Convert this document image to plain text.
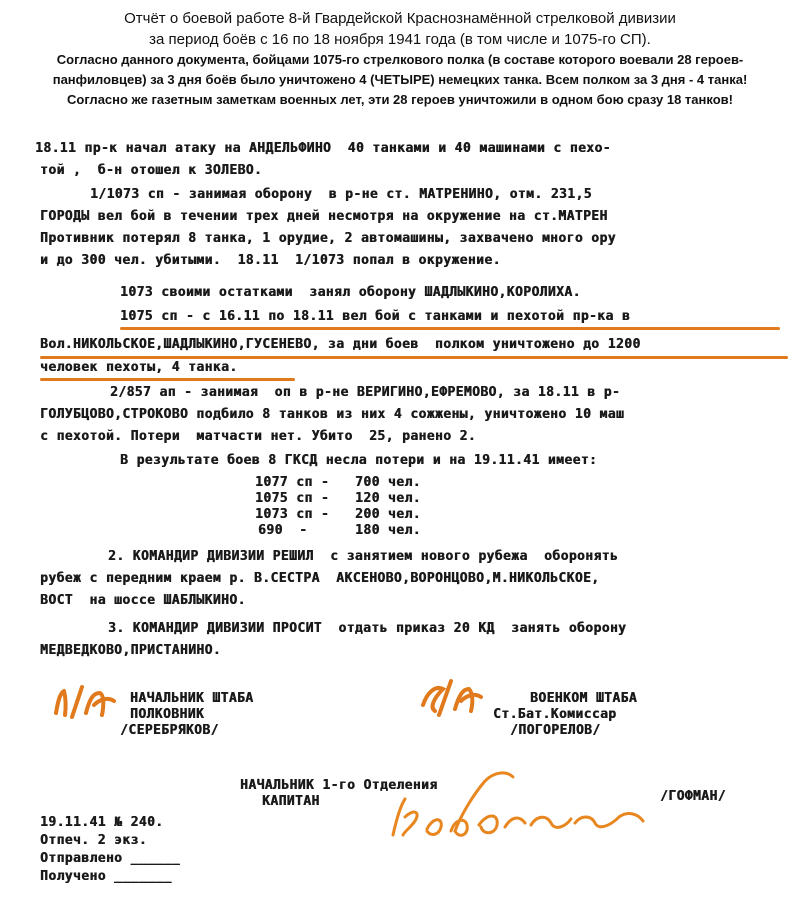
Отчёт о боевой работе 8-й Гвардейской Краснознамённой стрелковой дивизии
за период боёв с 16 по 18 ноября 1941 года (в том числе и 1075-го СП).
Согласно данного документа, бойцами 1075-го стрелкового полка (в составе которого воевали 28 героев-
панфиловцев) за 3 дня боёв было уничтожено 4 (ЧЕТЫРЕ) немецких танка. Всем полком за 3 дня - 4 танка!
Согласно же газетным заметкам военных лет, эти 28 героев уничтожили в одном бою сразу 18 танков!
18.11 пр-к начал атаку на АНДЕЛЬФИНО  40 танками и 40 машинами с пехо-
той ,  б-н отошел к ЗОЛЕВО.
1/1073 сп - занимая оборону  в р-не ст. МАТРЕНИНО, отм. 231,5
ГОРОДЫ вел бой в течении трех дней несмотря на окружение на ст.МАТРЕН
Противник потерял 8 танка, 1 орудие, 2 автомашины, захвачено много ору
и до 300 чел. убитыми.  18.11  1/1073 попал в окружение.
1073 своими остатками  занял оборону ШАДЛЫКИНО,КОРОЛИХА.
1075 сп - с 16.11 по 18.11 вел бой с танками и пехотой пр-ка в
Вол.НИКОЛЬСКОЕ,ШАДЛЫКИНО,ГУСЕНЕВО, за дни боев  полком уничтожено до 1200
человек пехоты, 4 танка.
2/857 ап - занимая  оп в р-не ВЕРИГИНО,ЕФРЕМОВО, за 18.11 в р-
ГОЛУБЦОВО,СТРОКОВО подбило 8 танков из них 4 сожжены, уничтожено 10 маш
с пехотой. Потери  матчасти нет. Убито  25, ранено 2.
В результате боев 8 ГКСД несла потери и на 19.11.41 имеет:
1077 сп - 700 чел.
1075 сп - 120 чел.
1073 сп - 200 чел.
690  -	180 чел.
2. КОМАНДИР ДИВИЗИИ РЕШИЛ  с занятием нового рубежа  оборонять
рубеж с передним краем р. В.СЕСТРА  АКСЕНОВО,ВОРОНЦОВО,М.НИКОЛЬСКОЕ,
ВОСТ  на шоссе ШАБЛЫКИНО.
3. КОМАНДИР ДИВИЗИИ ПРОСИТ  отдать приказ 20 КД  занять оборону
МЕДВЕДКОВО,ПРИСТАНИНО.
НАЧАЛЬНИК ШТАБА
ПОЛКОВНИК
/СЕРЕБРЯКОВ/
ВОЕНКОМ ШТАБА
Ст.Бат.Комиссар
/ПОГОРЕЛОВ/
НАЧАЛЬНИК 1-го Отделения
КАПИТАН	/ГОФМАН/
19.11.41 № 240.
Отпеч. 2 экз.
Отправлено ______
Получено _______
